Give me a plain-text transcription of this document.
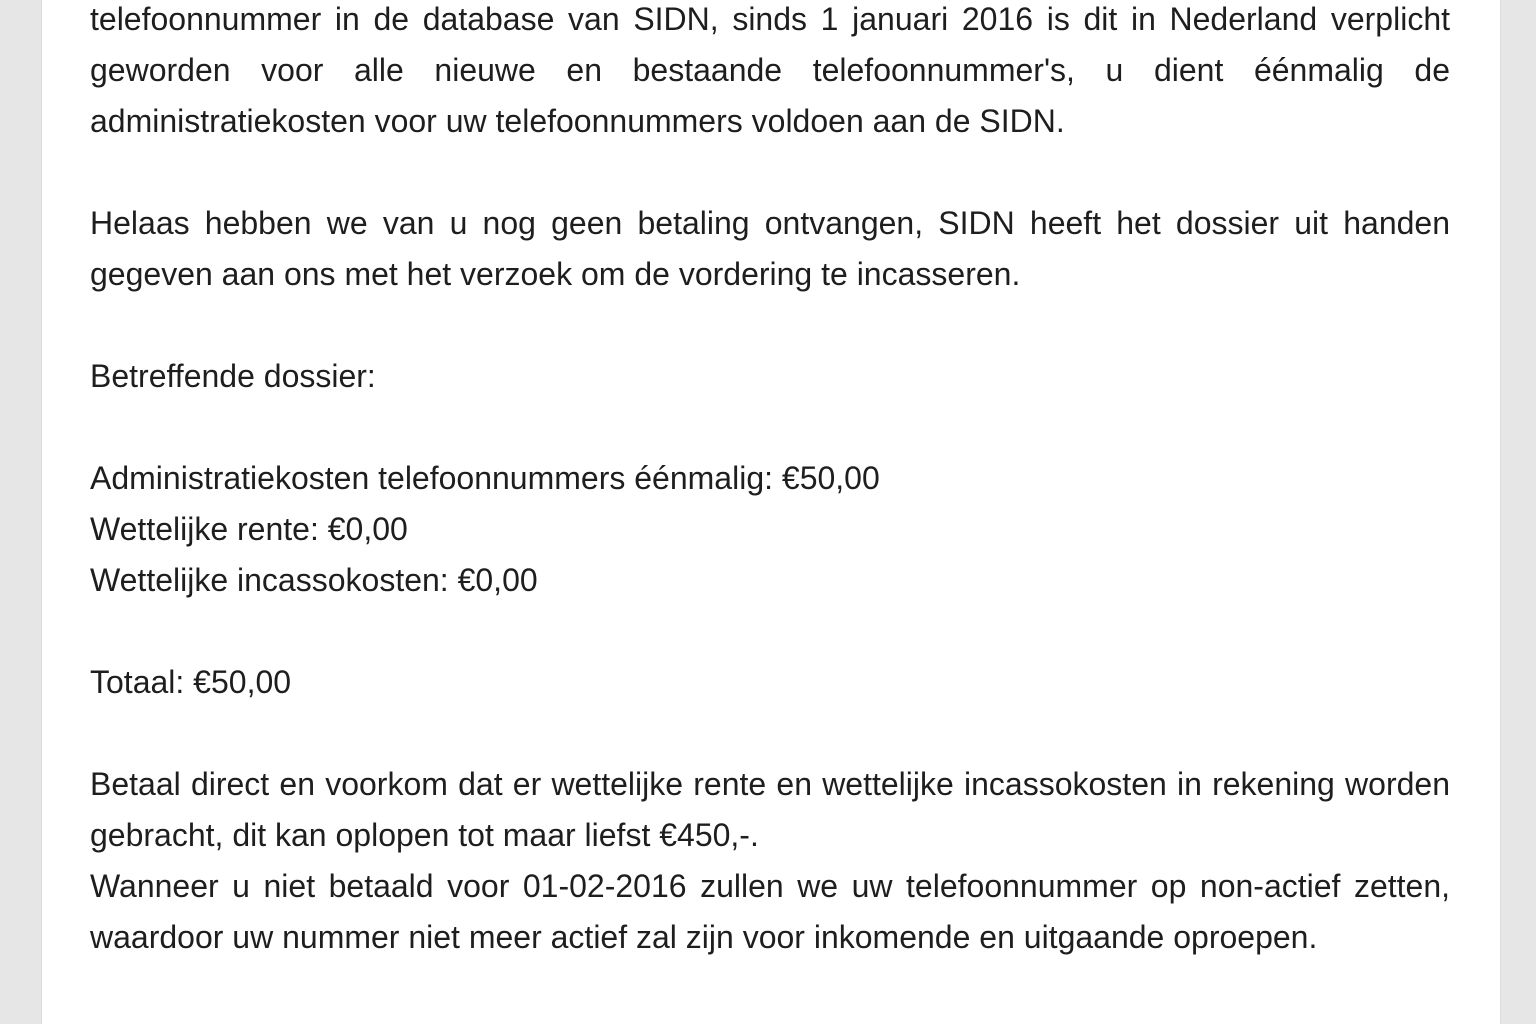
telefoonnummer in de database van SIDN, sinds 1 januari 2016 is dit in Nederland verplicht geworden voor alle nieuwe en bestaande telefoonnummer's, u dient éénmalig de administratiekosten voor uw telefoonnummers voldoen aan de SIDN.

Helaas hebben we van u nog geen betaling ontvangen, SIDN heeft het dossier uit handen gegeven aan ons met het verzoek om de vordering te incasseren.

Betreffende dossier:

Administratiekosten telefoonnummers éénmalig: €50,00
Wettelijke rente: €0,00
Wettelijke incassokosten: €0,00

Totaal: €50,00

Betaal direct en voorkom dat er wettelijke rente en wettelijke incassokosten in rekening worden gebracht, dit kan oplopen tot maar liefst €450,-.

Wanneer u niet betaald voor 01-02-2016 zullen we uw telefoonnummer op non-actief zetten, waardoor uw nummer niet meer actief zal zijn voor inkomende en uitgaande oproepen.
